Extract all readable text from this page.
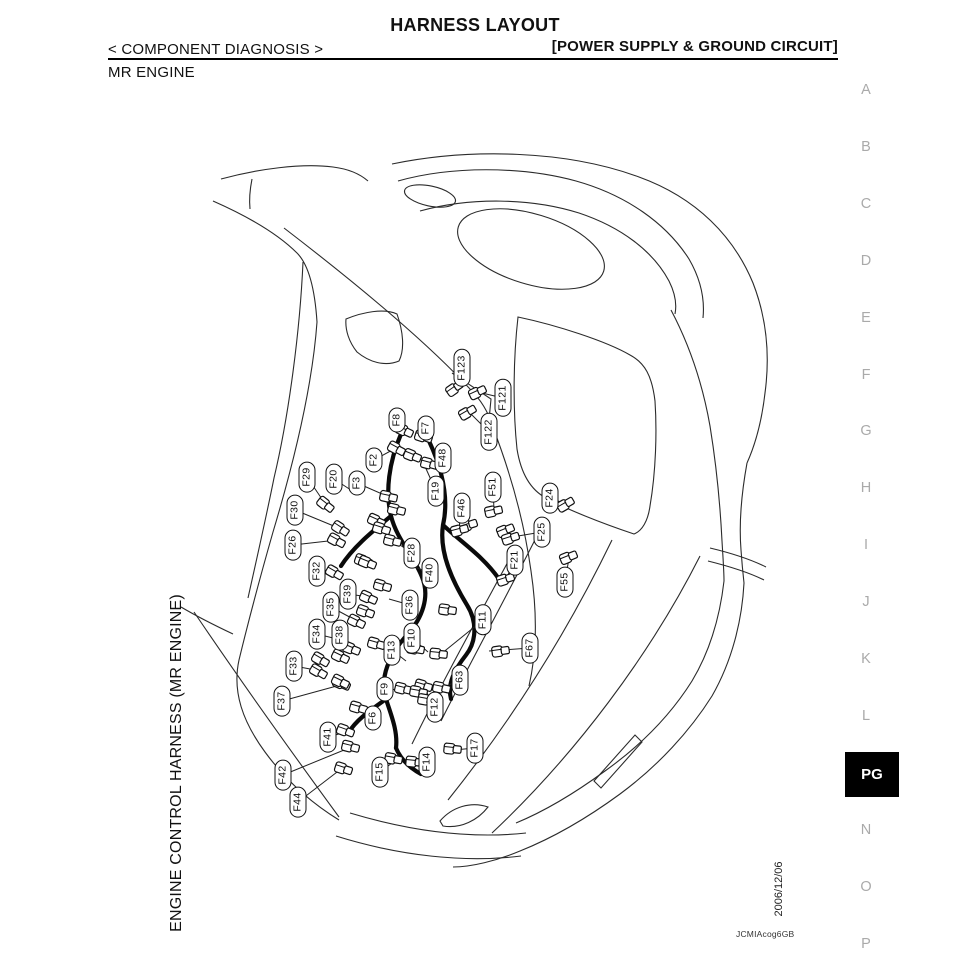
HARNESS LAYOUT
< COMPONENT DIAGNOSIS >	[POWER SUPPLY & GROUND CIRCUIT]
MR ENGINE
A
B
C
D
E
F
G
H
I
J
K
L
N
O
P
PG
F123
F121
F122
F8
F7
F2	F48
F3
F20
F29
F19
F46
F51
F24
F25
F30
F26
F32
F28
F40
F21
F55
F39
F35	F36
F34 F38
F11
F33
F10
F13	F67
F9	F63
F37
F6
F12
F41
F15
F14
F17
F42
F44
ENGINE CONTROL HARNESS (MR ENGINE)	2006/12/06
JCMIAcog6GB
